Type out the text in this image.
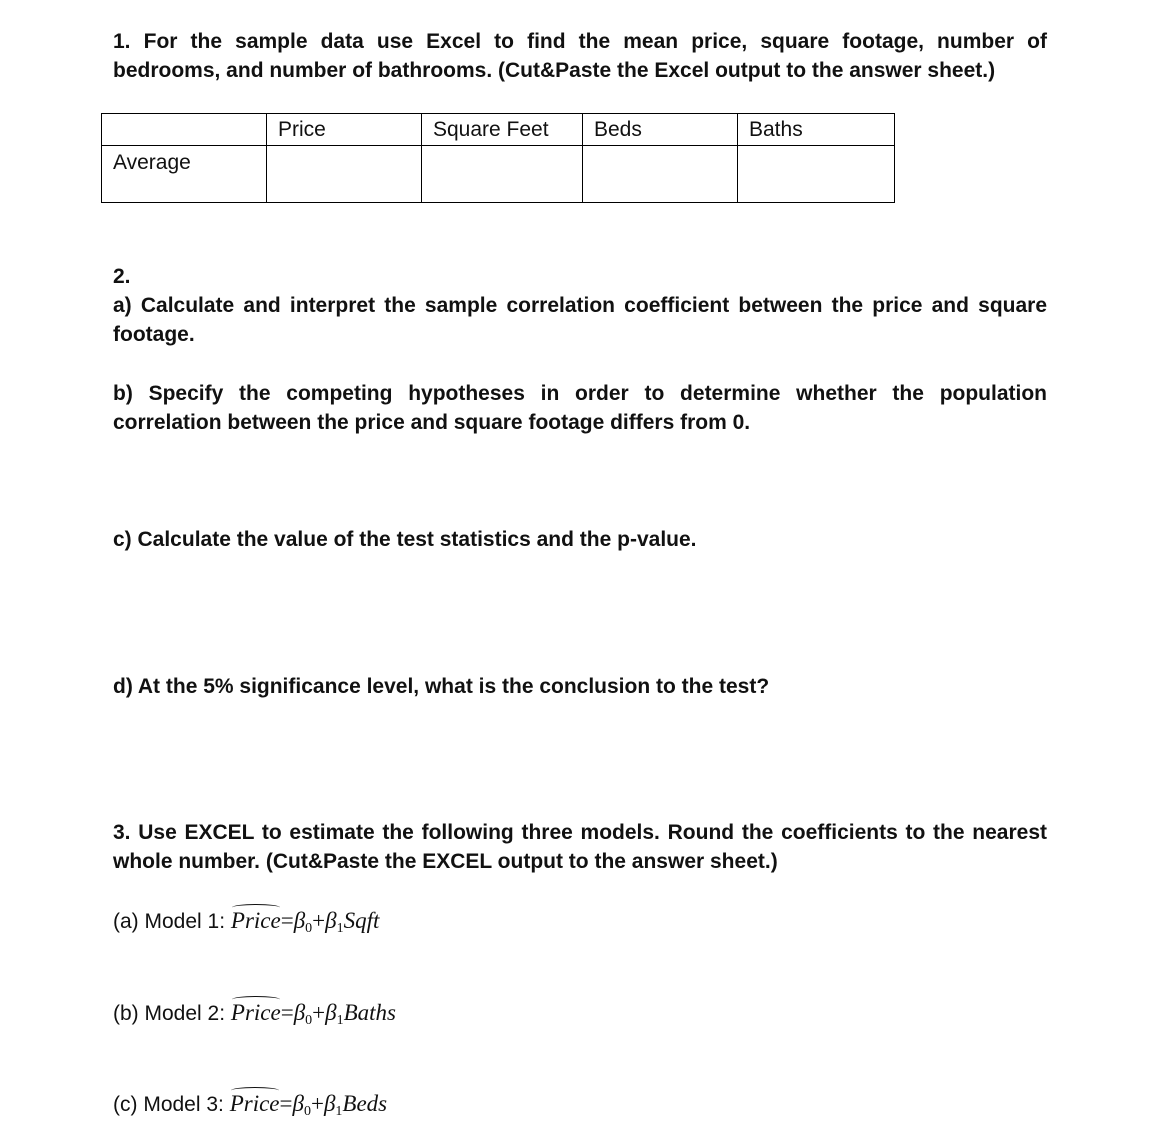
1. For the sample data use Excel to find the mean price, square footage, number of bedrooms, and number of bathrooms. (Cut&Paste the Excel output to the answer sheet.)

	Price	Square Feet	Beds	Baths
Average				

2.

a) Calculate and interpret the sample correlation coefficient between the price and square footage.

b) Specify the competing hypotheses in order to determine whether the population correlation between the price and square footage differs from 0.

c) Calculate the value of the test statistics and the p-value.

d) At the 5% significance level, what is the conclusion to the test?

3. Use EXCEL to estimate the following three models. Round the coefficients to the nearest whole number. (Cut&Paste the EXCEL output to the answer sheet.)

(a) Model 1: $Price=\beta_0+\beta_1Sqft$
(b) Model 2: $Price=\beta_0+\beta_1Baths$
(c) Model 3: $Price=\beta_0+\beta_1Beds$
